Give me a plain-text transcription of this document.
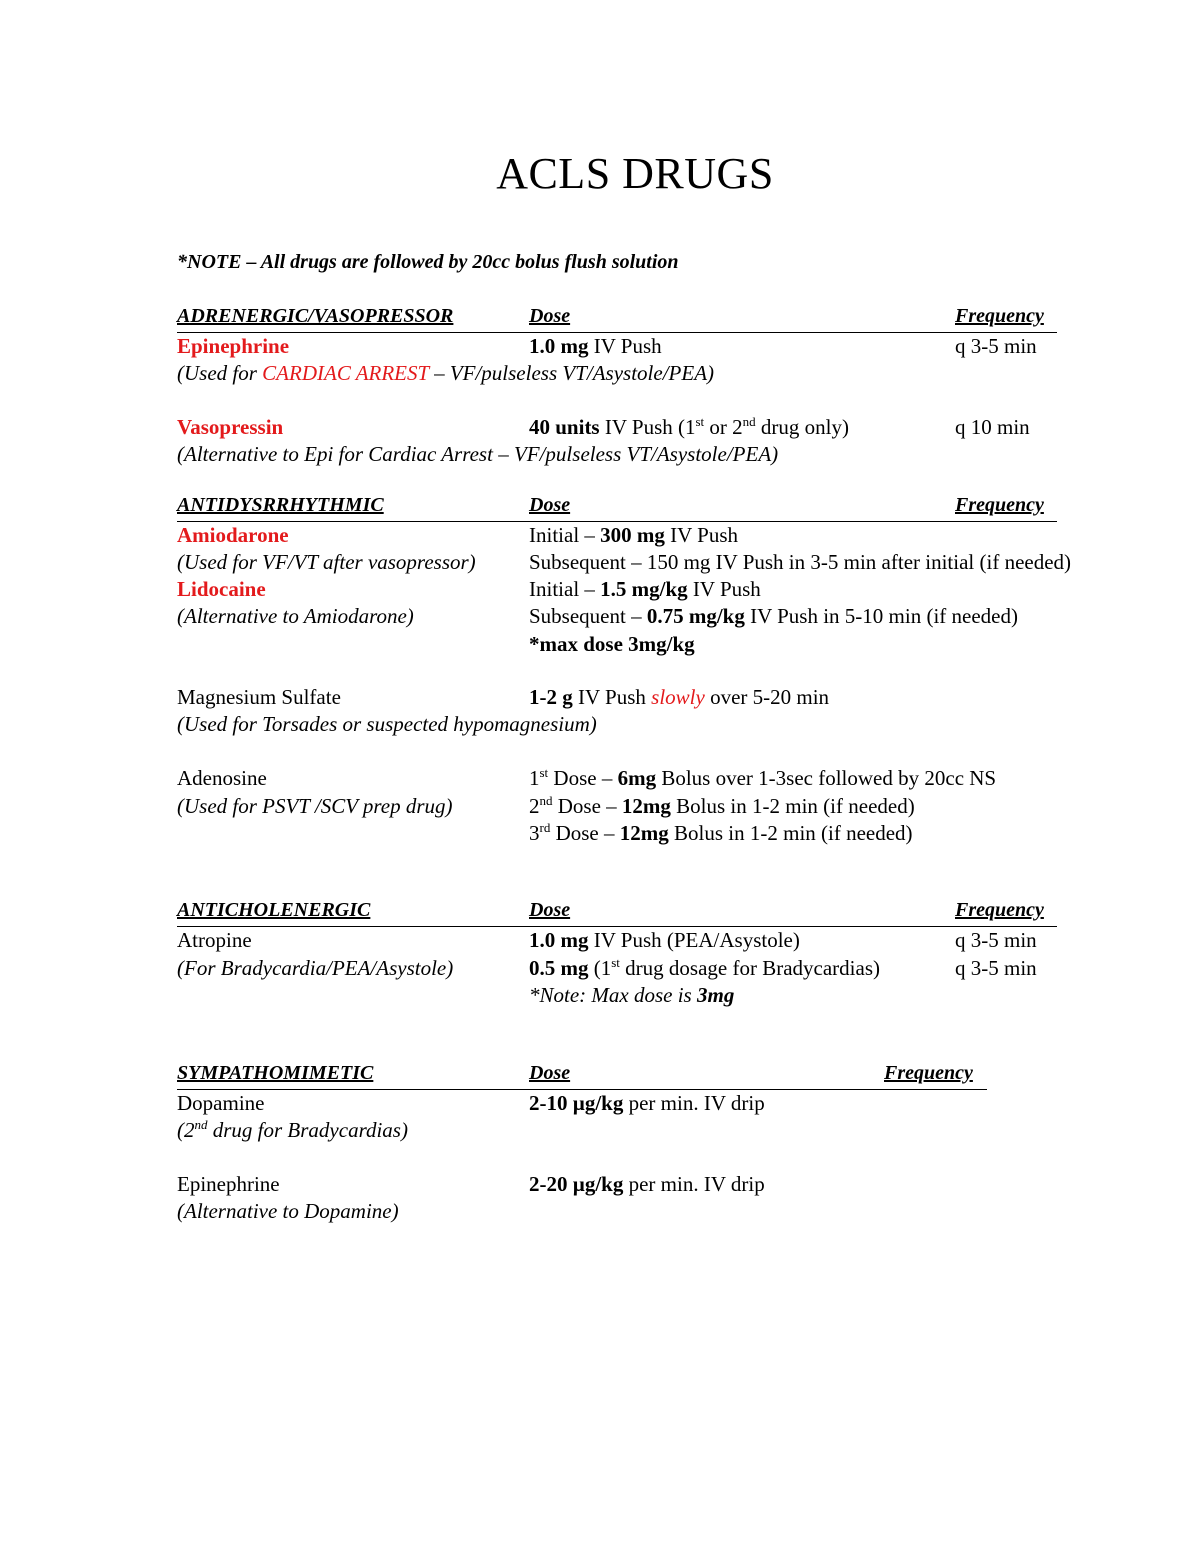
ACLS DRUGS
*NOTE – All drugs are followed by 20cc bolus flush solution
ADRENERGIC/VASOPRESSOR	Dose	Frequency
Epinephrine	1.0 mg IV Push	q 3-5 min
(Used for CARDIAC ARREST – VF/pulseless VT/Asystole/PEA)
Vasopressin	40 units IV Push (1st or 2nd drug only)	q 10 min
(Alternative to Epi for Cardiac Arrest – VF/pulseless VT/Asystole/PEA)
ANTIDYSRRHYTHMIC	Dose	Frequency
Amiodarone	Initial – 300 mg IV Push
(Used for VF/VT after vasopressor)	Subsequent – 150 mg IV Push in 3-5 min after initial (if needed)
Lidocaine	Initial – 1.5 mg/kg IV Push
(Alternative to Amiodarone)	Subsequent – 0.75 mg/kg IV Push in 5-10 min (if needed)
*max dose 3mg/kg
Magnesium Sulfate	1-2 g IV Push slowly over 5-20 min
(Used for Torsades or suspected hypomagnesium)
Adenosine	1st Dose – 6mg Bolus over 1-3sec followed by 20cc NS
(Used for PSVT /SCV prep drug)	2nd Dose – 12mg Bolus in 1-2 min (if needed)
3rd Dose – 12mg Bolus in 1-2 min (if needed)
ANTICHOLENERGIC	Dose	Frequency
Atropine	1.0 mg IV Push (PEA/Asystole)	q 3-5 min
(For Bradycardia/PEA/Asystole)	0.5 mg (1st drug dosage for Bradycardias)	q 3-5 min
*Note: Max dose is 3mg
SYMPATHOMIMETIC	Dose	Frequency
Dopamine	2-10 µg/kg per min. IV drip
(2nd drug for Bradycardias)
Epinephrine	2-20 µg/kg per min. IV drip
(Alternative to Dopamine)
